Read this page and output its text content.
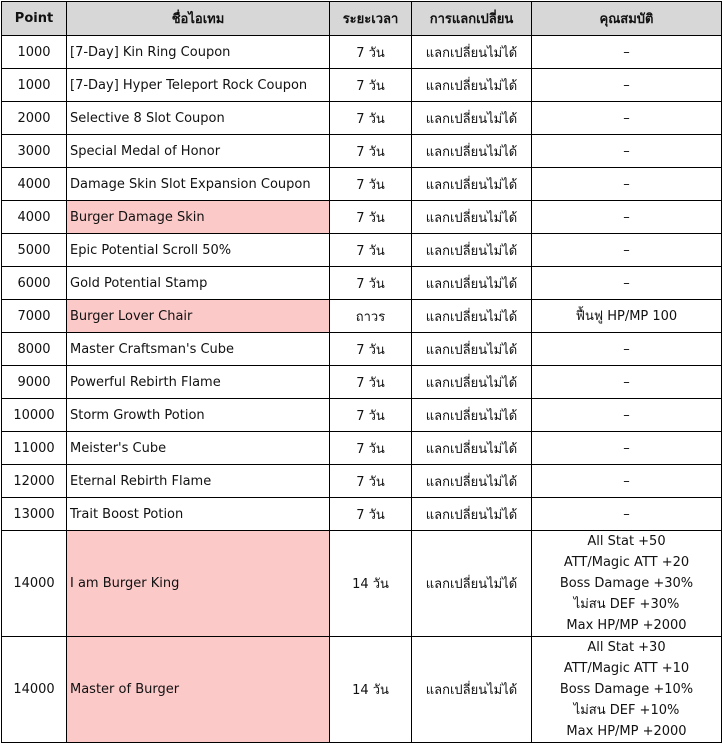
Point	ชื่อไอเทม	ระยะเวลา	การแลกเปลี่ยน	คุณสมบัติ
1000	[7-Day] Kin Ring Coupon	7 วัน	แลกเปลี่ยนไม่ได้	–

1000	[7-Day] Hyper Teleport Rock Coupon	7 วัน	แลกเปลี่ยนไม่ได้	–

2000	Selective 8 Slot Coupon	7 วัน	แลกเปลี่ยนไม่ได้	–

3000	Special Medal of Honor	7 วัน	แลกเปลี่ยนไม่ได้	–

4000	Damage Skin Slot Expansion Coupon	7 วัน	แลกเปลี่ยนไม่ได้	–

4000	Burger Damage Skin	7 วัน	แลกเปลี่ยนไม่ได้	–

5000	Epic Potential Scroll 50%	7 วัน	แลกเปลี่ยนไม่ได้	–

6000	Gold Potential Stamp	7 วัน	แลกเปลี่ยนไม่ได้	–

7000	Burger Lover Chair	ถาวร	แลกเปลี่ยนไม่ได้	ฟื้นฟู HP/MP 100

8000	Master Craftsman's Cube	7 วัน	แลกเปลี่ยนไม่ได้	–

9000	Powerful Rebirth Flame	7 วัน	แลกเปลี่ยนไม่ได้	–

10000	Storm Growth Potion	7 วัน	แลกเปลี่ยนไม่ได้	–

11000	Meister's Cube	7 วัน	แลกเปลี่ยนไม่ได้	–

12000	Eternal Rebirth Flame	7 วัน	แลกเปลี่ยนไม่ได้	–

13000	Trait Boost Potion	7 วัน	แลกเปลี่ยนไม่ได้	–

14000	I am Burger King	14 วัน	แลกเปลี่ยนไม่ได้	All Stat +50
ATT/Magic ATT +20
Boss Damage +30%
ไม่สน DEF +30%
Max HP/MP +2000

14000	Master of Burger	14 วัน	แลกเปลี่ยนไม่ได้	All Stat +30
ATT/Magic ATT +10
Boss Damage +10%
ไม่สน DEF +10%
Max HP/MP +2000
